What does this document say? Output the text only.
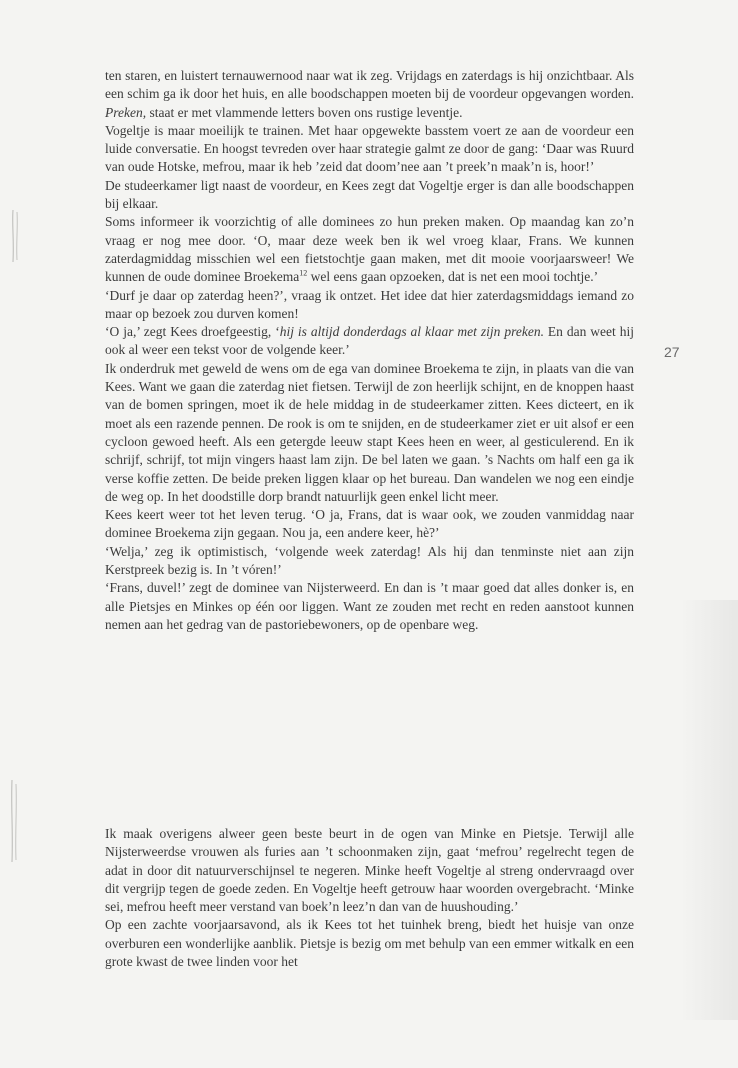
ten staren, en luistert ternauwernood naar wat ik zeg. Vrijdags en zaterdags is hij onzichtbaar. Als een schim ga ik door het huis, en alle boodschappen moeten bij de voordeur opgevangen worden. Preken, staat er met vlammende letters boven ons rustige leventje.

Vogeltje is maar moeilijk te trainen. Met haar opgewekte basstem voert ze aan de voordeur een luide conversatie. En hoogst tevreden over haar strategie galmt ze door de gang: ‘Daar was Ruurd van oude Hotske, mefrou, maar ik heb ’zeid dat doom’nee aan ’t preek’n maak’n is, hoor!’

De studeerkamer ligt naast de voordeur, en Kees zegt dat Vogeltje erger is dan alle boodschappen bij elkaar.

Soms informeer ik voorzichtig of alle dominees zo hun preken maken. Op maandag kan zo’n vraag er nog mee door. ‘O, maar deze week ben ik wel vroeg klaar, Frans. We kunnen zaterdagmiddag misschien wel een fietstochtje gaan maken, met dit mooie voorjaarsweer! We kunnen de oude dominee Broekema$^{12}$ wel eens gaan opzoeken, dat is net een mooi tochtje.’

‘Durf je daar op zaterdag heen?’, vraag ik ontzet. Het idee dat hier zaterdagsmiddags iemand zo maar op bezoek zou durven komen!

‘O ja,’ zegt Kees droefgeestig, ‘hij is altijd donderdags al klaar met zijn preken. En dan weet hij ook al weer een tekst voor de volgende keer.’

Ik onderdruk met geweld de wens om de ega van dominee Broekema te zijn, in plaats van die van Kees. Want we gaan die zaterdag niet fietsen. Terwijl de zon heerlijk schijnt, en de knoppen haast van de bomen springen, moet ik de hele middag in de studeerkamer zitten. Kees dicteert, en ik moet als een razende pennen. De rook is om te snijden, en de studeerkamer ziet er uit alsof er een cycloon gewoed heeft. Als een getergde leeuw stapt Kees heen en weer, al gesticulerend. En ik schrijf, schrijf, tot mijn vingers haast lam zijn. De bel laten we gaan. ’s Nachts om half een ga ik verse koffie zetten. De beide preken liggen klaar op het bureau. Dan wandelen we nog een eindje de weg op. In het doodstille dorp brandt natuurlijk geen enkel licht meer.

Kees keert weer tot het leven terug. ‘O ja, Frans, dat is waar ook, we zouden vanmiddag naar dominee Broekema zijn gegaan. Nou ja, een andere keer, hè?’

‘Welja,’ zeg ik optimistisch, ‘volgende week zaterdag! Als hij dan tenminste niet aan zijn Kerstpreek bezig is. In ’t vóren!’

‘Frans, duvel!’ zegt de dominee van Nijsterweerd. En dan is ’t maar goed dat alles donker is, en alle Pietsjes en Minkes op één oor liggen. Want ze zouden met recht en reden aanstoot kunnen nemen aan het gedrag van de pastoriebewoners, op de openbare weg.

27

Ik maak overigens alweer geen beste beurt in de ogen van Minke en Pietsje. Terwijl alle Nijsterweerdse vrouwen als furies aan ’t schoonmaken zijn, gaat ‘mefrou’ regelrecht tegen de adat in door dit natuurverschijnsel te negeren. Minke heeft Vogeltje al streng ondervraagd over dit vergrijp tegen de goede zeden. En Vogeltje heeft getrouw haar woorden overgebracht. ‘Minke sei, mefrou heeft meer verstand van boek’n leez’n dan van de huushouding.’

Op een zachte voorjaarsavond, als ik Kees tot het tuinhek breng, biedt het huisje van onze overburen een wonderlijke aanblik. Pietsje is bezig om met behulp van een emmer witkalk en een grote kwast de twee linden voor het
